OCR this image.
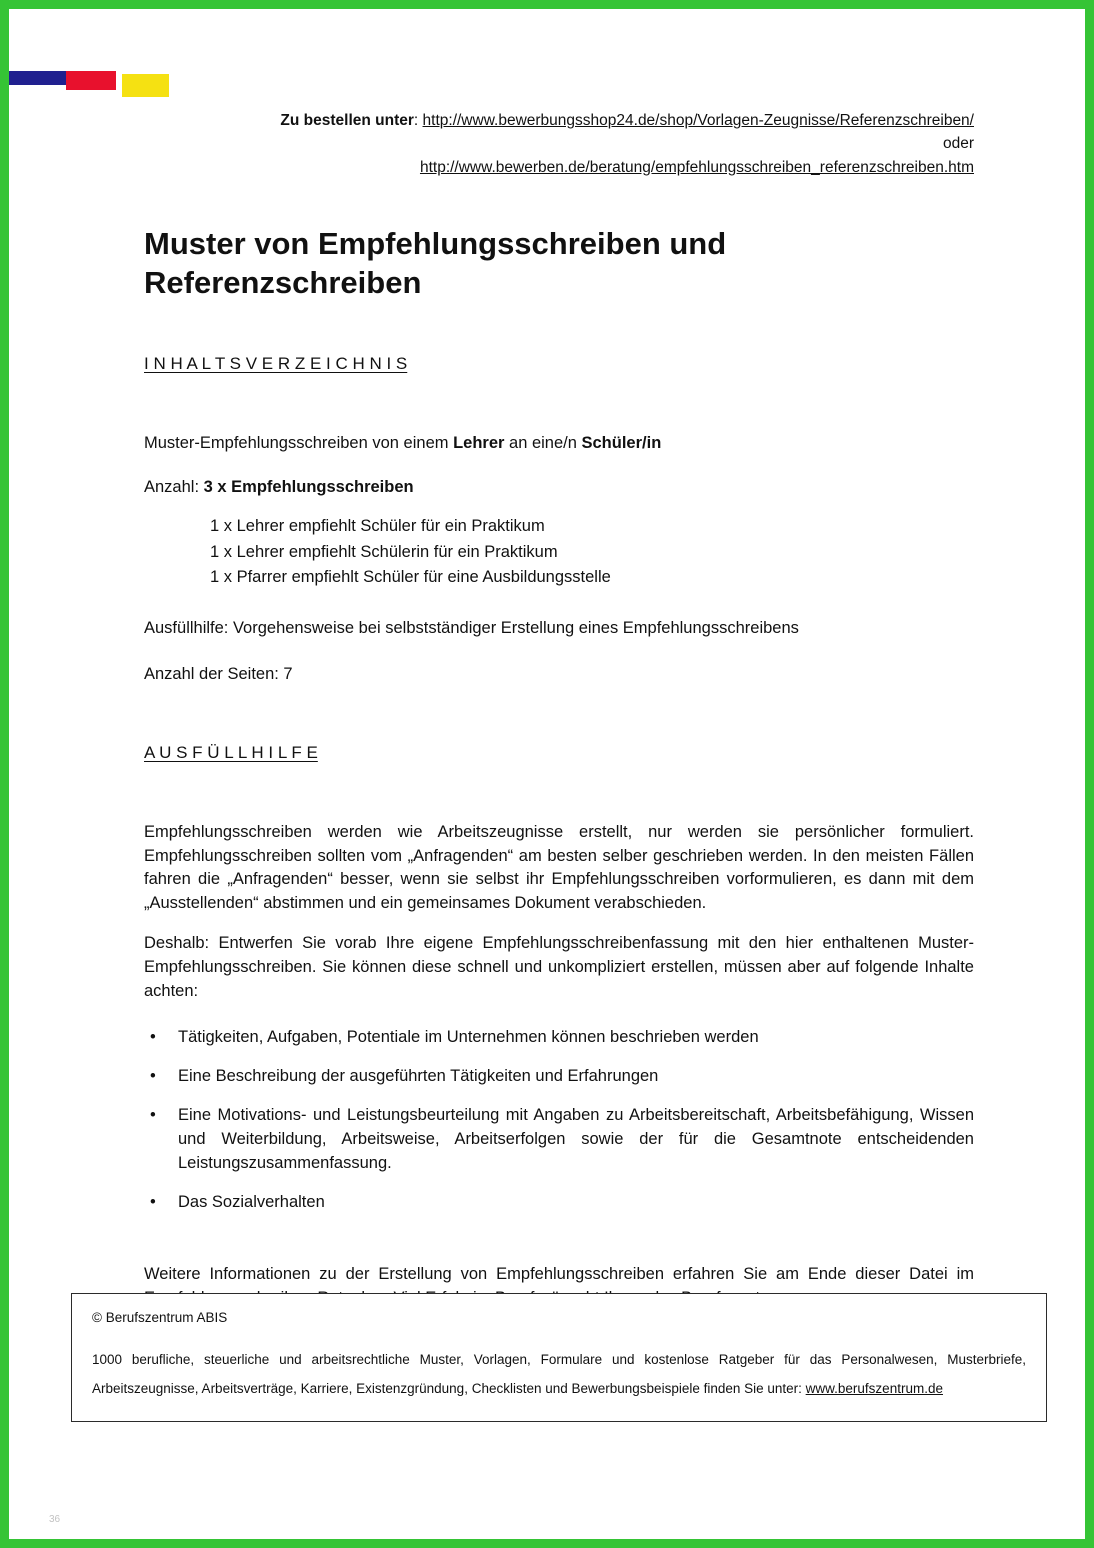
Zu bestellen unter: http://www.bewerbungsshop24.de/shop/Vorlagen-Zeugnisse/Referenzschreiben/
oder
http://www.bewerben.de/beratung/empfehlungsschreiben_referenzschreiben.htm
Muster von Empfehlungsschreiben und Referenzschreiben
I N H A L T S V E R Z E I C H N I S
Muster-Empfehlungsschreiben von einem Lehrer an eine/n Schüler/in
Anzahl: 3 x Empfehlungsschreiben
1 x Lehrer empfiehlt Schüler für ein Praktikum
1 x Lehrer empfiehlt Schülerin für ein Praktikum
1 x Pfarrer empfiehlt Schüler für eine Ausbildungsstelle
Ausfüllhilfe: Vorgehensweise bei selbstständiger Erstellung eines Empfehlungsschreibens
Anzahl der Seiten: 7
A U S F Ü L L H I L F E

Empfehlungsschreiben werden wie Arbeitszeugnisse erstellt, nur werden sie persönlicher formuliert. Empfehlungsschreiben sollten vom „Anfragenden“ am besten selber geschrieben werden. In den meisten Fällen fahren die „Anfragenden“ besser, wenn sie selbst ihr Empfehlungsschreiben vorformulieren, es dann mit dem „Ausstellenden“ abstimmen und ein gemeinsames Dokument verabschieden.

Deshalb: Entwerfen Sie vorab Ihre eigene Empfehlungsschreibenfassung mit den hier enthaltenen Muster-Empfehlungsschreiben. Sie können diese schnell und unkompliziert erstellen, müssen aber auf folgende Inhalte achten:

•	Tätigkeiten, Aufgaben, Potentiale im Unternehmen können beschrieben werden
•	Eine Beschreibung der ausgeführten Tätigkeiten und Erfahrungen
•	Eine Motivations- und Leistungsbeurteilung mit Angaben zu Arbeitsbereitschaft, Arbeitsbefähigung, Wissen und Weiterbildung, Arbeitsweise, Arbeitserfolgen sowie der für die Gesamtnote entscheidenden Leistungszusammenfassung.
•	Das Sozialverhalten

Weitere Informationen zu der Erstellung von Empfehlungsschreiben erfahren Sie am Ende dieser Datei im

© Berufszentrum ABIS
1000 berufliche, steuerliche und arbeitsrechtliche Muster, Vorlagen, Formulare und kostenlose Ratgeber für das Personalwesen, Musterbriefe, Arbeitszeugnisse, Arbeitsverträge, Karriere, Existenzgründung, Checklisten und Bewerbungsbeispiele finden Sie unter: www.berufszentrum.de
36
